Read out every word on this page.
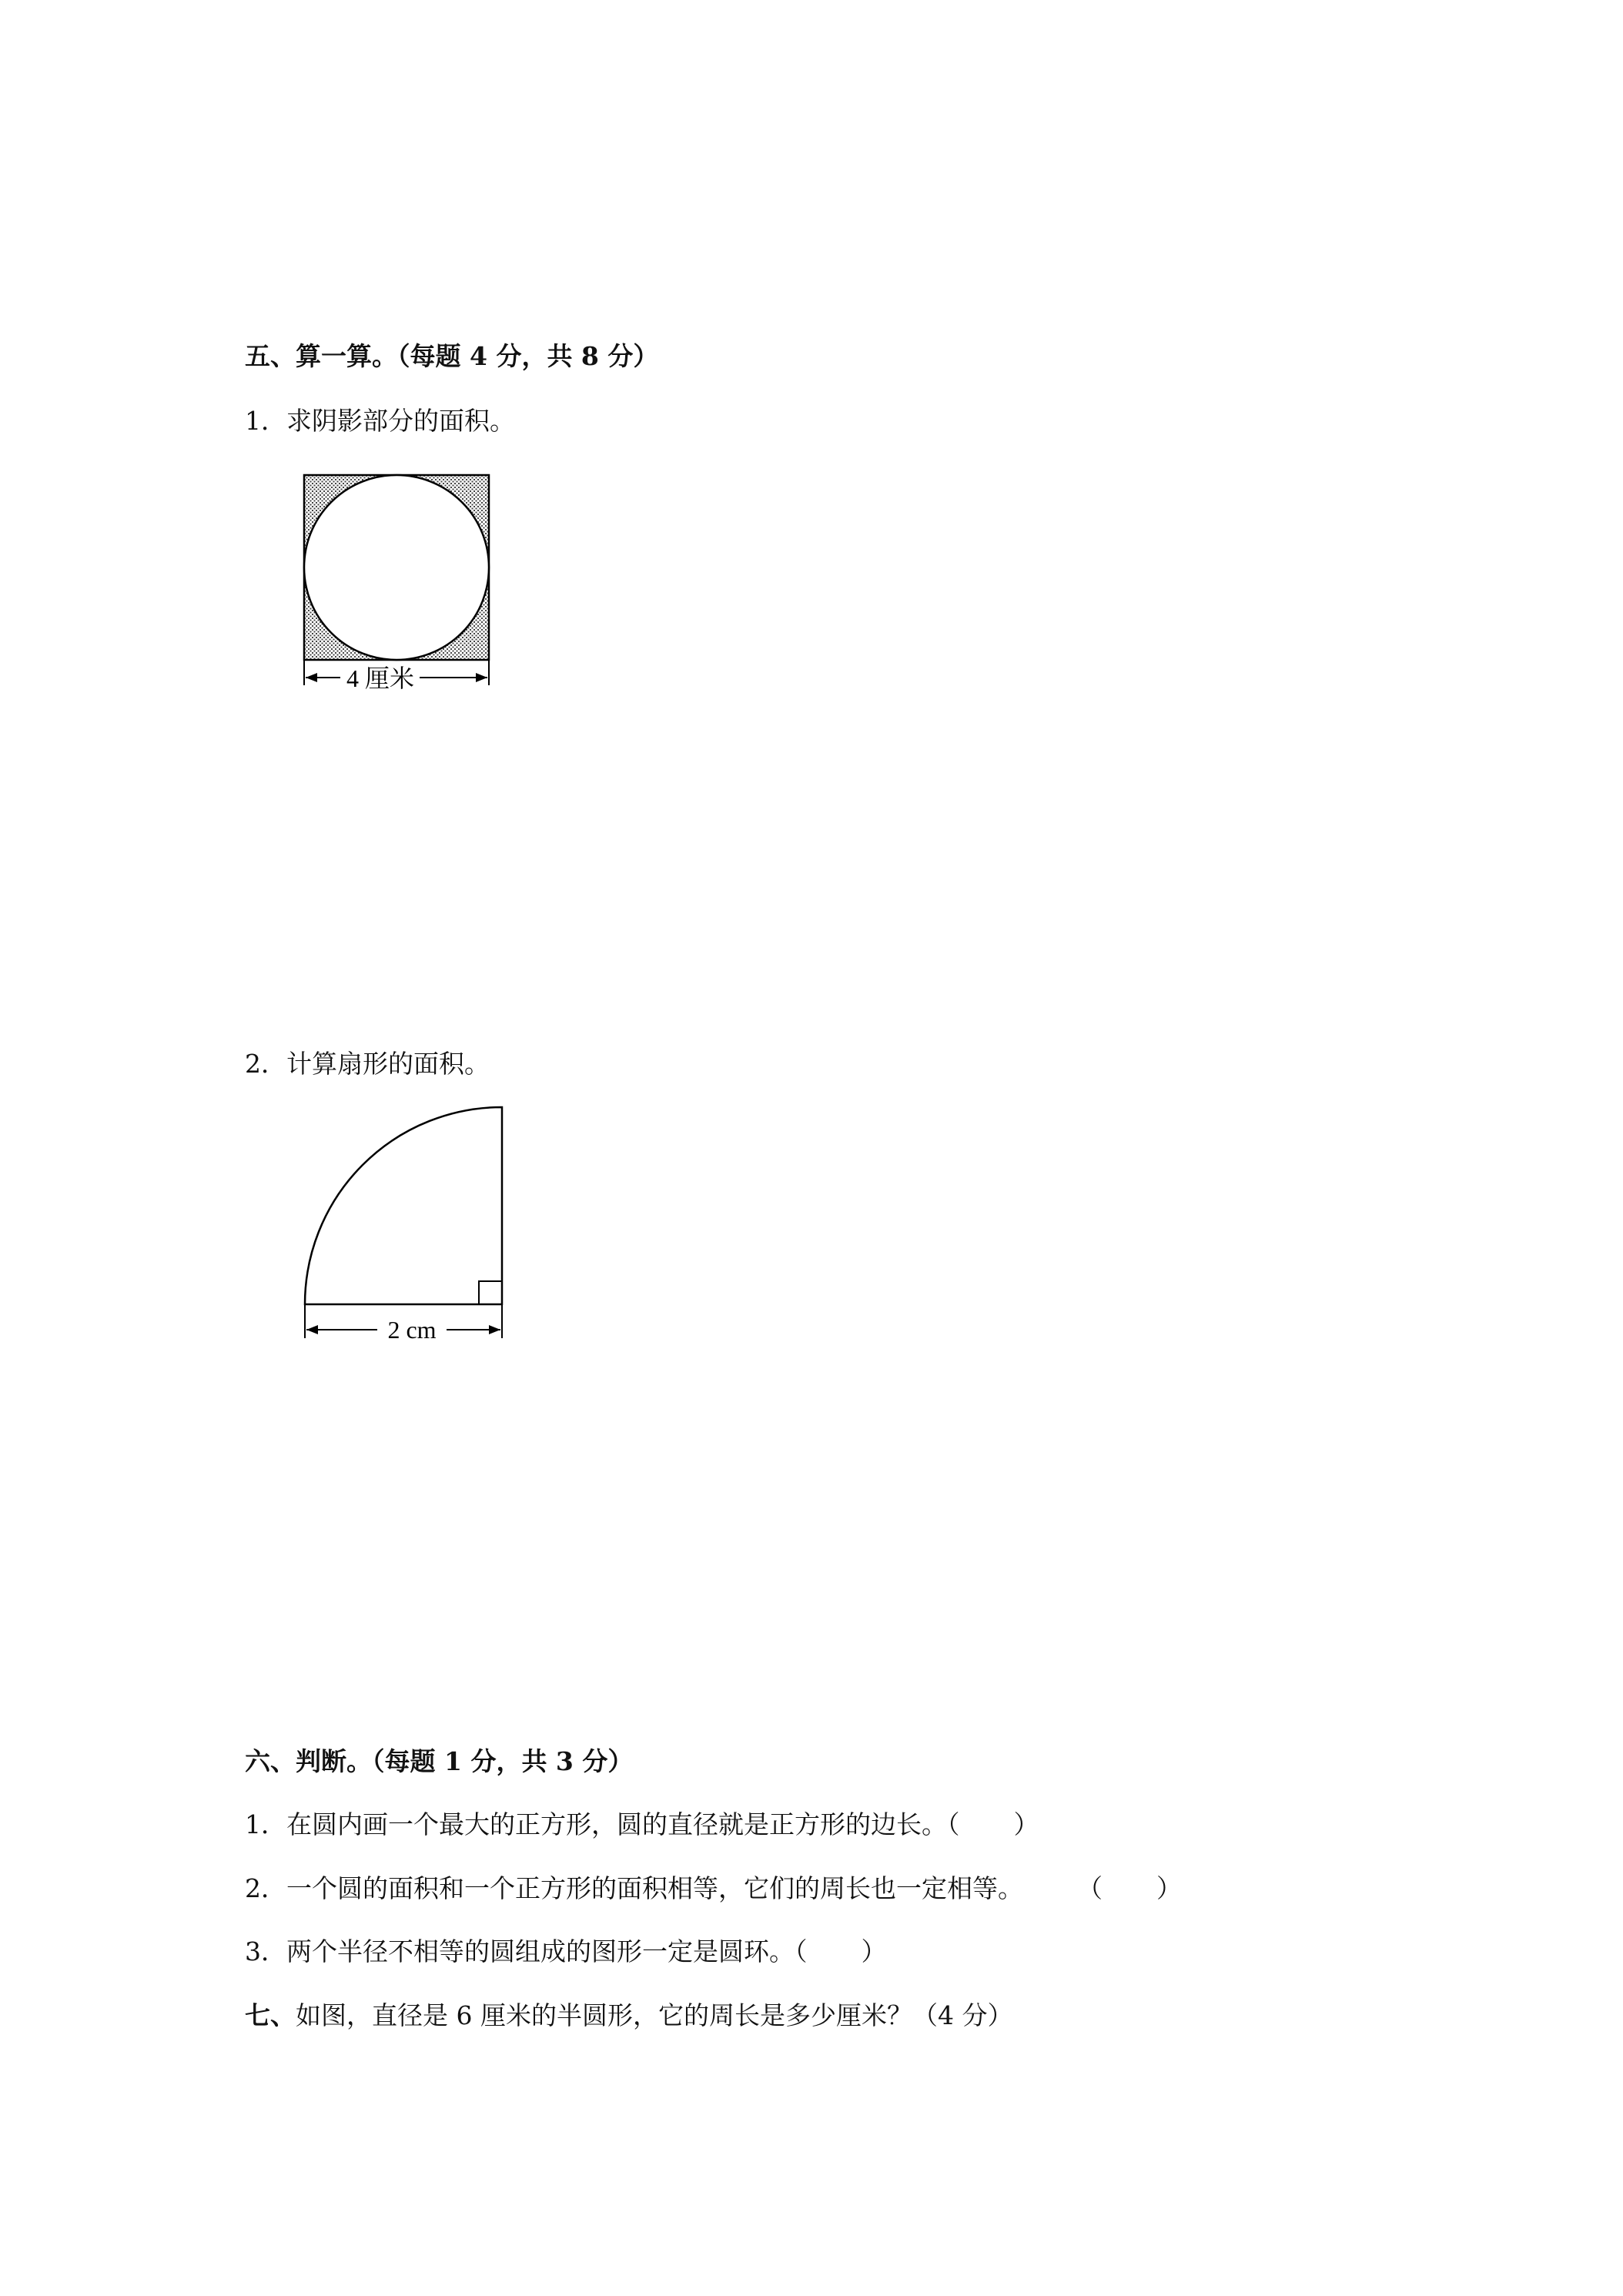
五、算一算。（每题 4 分，共 8 分）
1．求阴影部分的面积。
4 厘米
2．计算扇形的面积。
2 cm
六、判断。（每题 1 分，共 3 分）
1．在圆内画一个最大的正方形，圆的直径就是正方形的边长。（ ）
2．一个圆的面积和一个正方形的面积相等，它们的周长也一定相等。 （ ）
3．两个半径不相等的圆组成的图形一定是圆环。（ ）
七、如图，直径是 6 厘米的半圆形，它的周长是多少厘米？（4 分）
